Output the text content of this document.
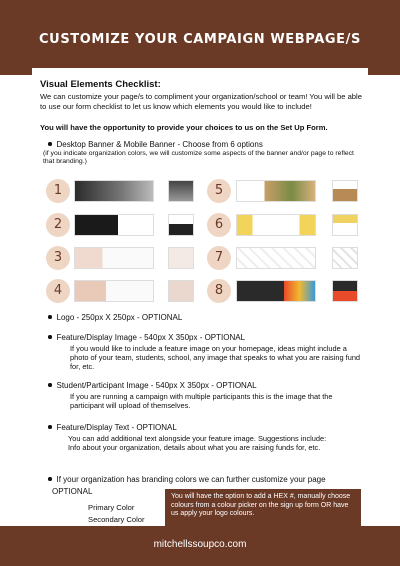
CUSTOMIZE YOUR CAMPAIGN WEBPAGE/S
Visual Elements Checklist:
We can customize your page/s to compliment your organization/school or team! You will be able to use our form checklist to let us know which elements you would like to include!
You will have the opportunity to provide your choices to us on the Set Up Form.
Desktop Banner & Mobile Banner - Choose from 6 options
(if you indicate organization colors, we will customize some aspects of the banner and/or page to reflect that branding.)
1
2
3
4
5
6
7
8
Logo - 250px X 250px - OPTIONAL
Feature/Display Image - 540px X 350px - OPTIONAL
If you would like to include a feature image on your homepage, ideas might include a photo of your team, students, school, any image that speaks to what you are raising fund for, etc.
Student/Participant Image - 540px X 350px - OPTIONAL
If you are running a campaign with multiple participants this is the image that the participant will upload of themselves.
Feature/Display Text - OPTIONAL
You can add additional text alongside your feature image. Suggestions include: Info about your organization, details about what you are raising funds for, etc.
If your organization has branding colors we can further customize your page
OPTIONAL
Primary Color
Secondary Color
You will have the option to add a HEX #, manually choose colours from a colour picker on the sign up form OR have us apply your logo colours.
mitchellssoupco.com
